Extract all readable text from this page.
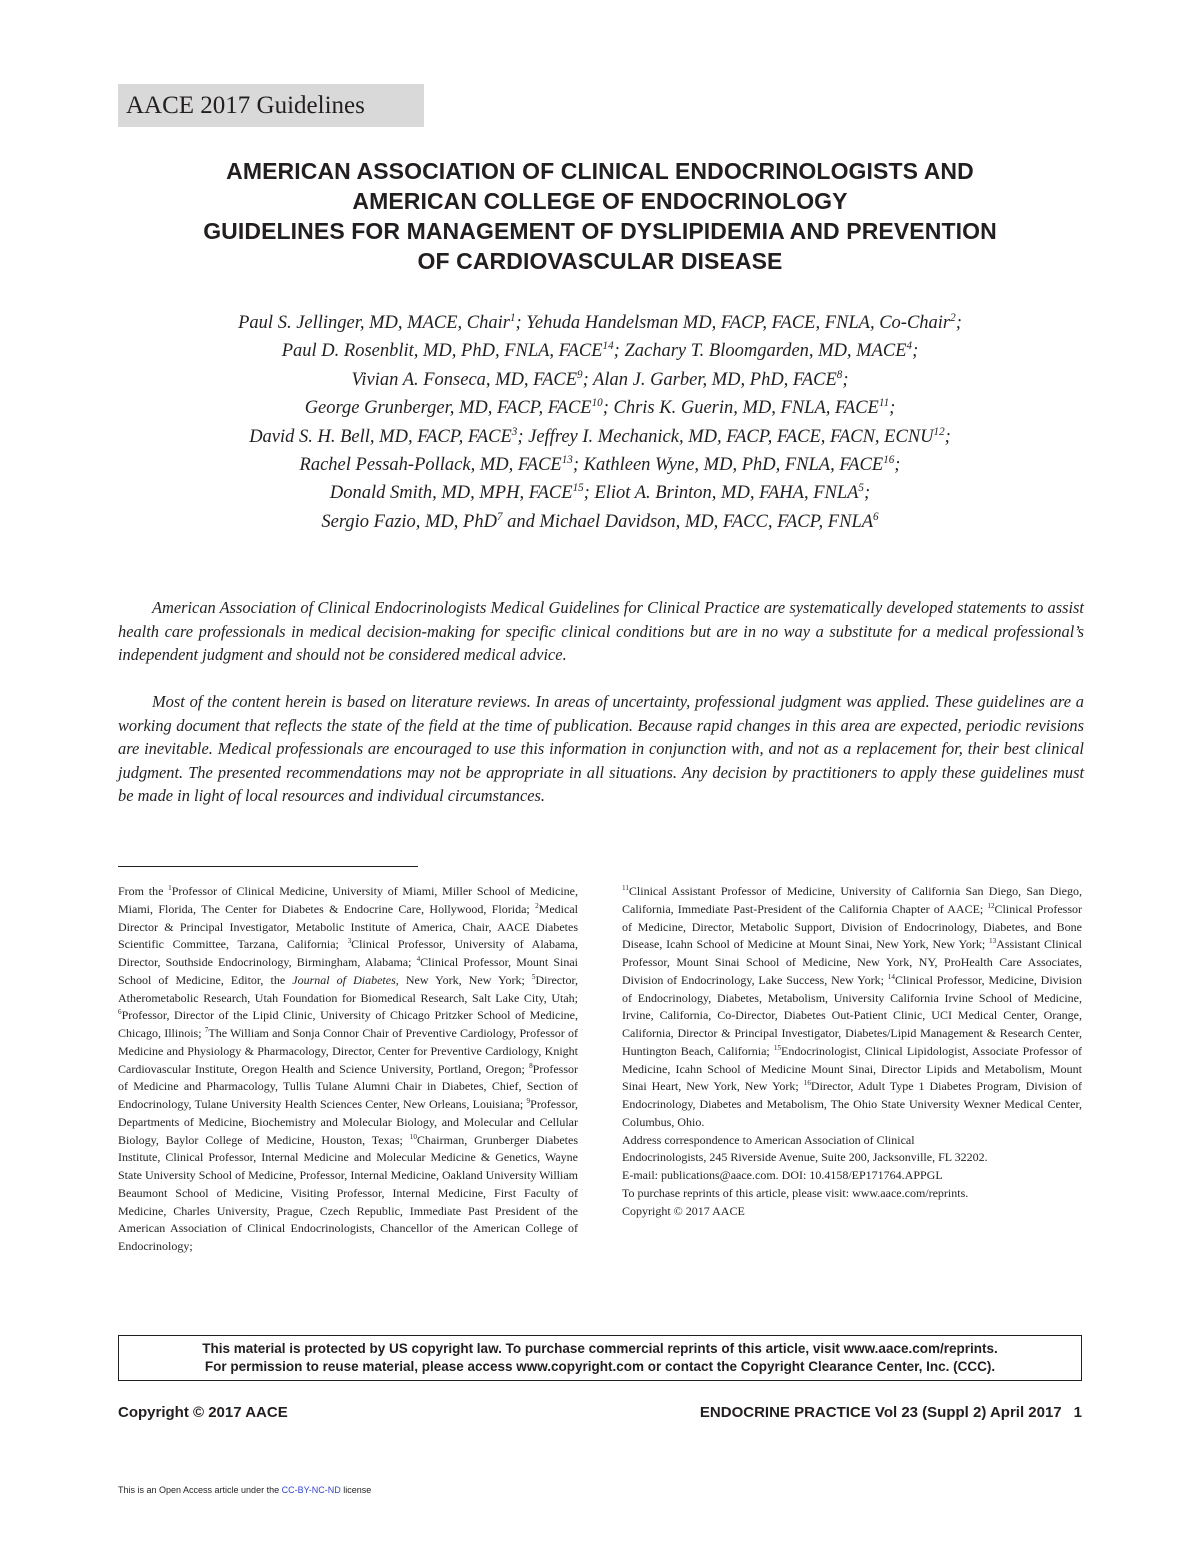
AACE 2017 Guidelines
AMERICAN ASSOCIATION OF CLINICAL ENDOCRINOLOGISTS AND
AMERICAN COLLEGE OF ENDOCRINOLOGY
GUIDELINES FOR MANAGEMENT OF DYSLIPIDEMIA AND PREVENTION
OF CARDIOVASCULAR DISEASE
Paul S. Jellinger, MD, MACE, Chair$^1$; Yehuda Handelsman MD, FACP, FACE, FNLA, Co-Chair$^2$;
Paul D. Rosenblit, MD, PhD, FNLA, FACE$^{14}$; Zachary T. Bloomgarden, MD, MACE$^4$;
Vivian A. Fonseca, MD, FACE$^9$; Alan J. Garber, MD, PhD, FACE$^8$;
George Grunberger, MD, FACP, FACE$^{10}$; Chris K. Guerin, MD, FNLA, FACE$^{11}$;
David S. H. Bell, MD, FACP, FACE$^3$; Jeffrey I. Mechanick, MD, FACP, FACE, FACN, ECNU$^{12}$;
Rachel Pessah-Pollack, MD, FACE$^{13}$; Kathleen Wyne, MD, PhD, FNLA, FACE$^{16}$;
Donald Smith, MD, MPH, FACE$^{15}$; Eliot A. Brinton, MD, FAHA, FNLA$^5$;
Sergio Fazio, MD, PhD$^7$ and Michael Davidson, MD, FACC, FACP, FNLA$^6$
American Association of Clinical Endocrinologists Medical Guidelines for Clinical Practice are systematically developed statements to assist health care professionals in medical decision-making for specific clinical conditions but are in no way a substitute for a medical professional’s independent judgment and should not be considered medical advice.
Most of the content herein is based on literature reviews. In areas of uncertainty, professional judgment was applied. These guidelines are a working document that reflects the state of the field at the time of publication. Because rapid changes in this area are expected, periodic revisions are inevitable. Medical professionals are encouraged to use this information in conjunction with, and not as a replacement for, their best clinical judgment. The presented recommendations may not be appropriate in all situations. Any decision by practitioners to apply these guidelines must be made in light of local resources and individual circumstances.
From the $^1$Professor of Clinical Medicine, University of Miami, Miller School of Medicine, Miami, Florida, The Center for Diabetes & Endocrine Care, Hollywood, Florida; $^2$Medical Director & Principal Investigator, Metabolic Institute of America, Chair, AACE Diabetes Scientific Committee, Tarzana, California; $^3$Clinical Professor, University of Alabama, Director, Southside Endocrinology, Birmingham, Alabama; $^4$Clinical Professor, Mount Sinai School of Medicine, Editor, the Journal of Diabetes, New York, New York; $^5$Director, Atherometabolic Research, Utah Foundation for Biomedical Research, Salt Lake City, Utah; $^6$Professor, Director of the Lipid Clinic, University of Chicago Pritzker School of Medicine, Chicago, Illinois; $^7$The William and Sonja Connor Chair of Preventive Cardiology, Professor of Medicine and Physiology & Pharmacology, Director, Center for Preventive Cardiology, Knight Cardiovascular Institute, Oregon Health and Science University, Portland, Oregon; $^8$Professor of Medicine and Pharmacology, Tullis Tulane Alumni Chair in Diabetes, Chief, Section of Endocrinology, Tulane University Health Sciences Center, New Orleans, Louisiana; $^9$Professor, Departments of Medicine, Biochemistry and Molecular Biology, and Molecular and Cellular Biology, Baylor College of Medicine, Houston, Texas; $^{10}$Chairman, Grunberger Diabetes Institute, Clinical Professor, Internal Medicine and Molecular Medicine & Genetics, Wayne State University School of Medicine, Professor, Internal Medicine, Oakland University William Beaumont School of Medicine, Visiting Professor, Internal Medicine, First Faculty of Medicine, Charles University, Prague, Czech Republic, Immediate Past President of the American Association of Clinical Endocrinologists, Chancellor of the American College of Endocrinology;
$^{11}$Clinical Assistant Professor of Medicine, University of California San Diego, San Diego, California, Immediate Past-President of the California Chapter of AACE; $^{12}$Clinical Professor of Medicine, Director, Metabolic Support, Division of Endocrinology, Diabetes, and Bone Disease, Icahn School of Medicine at Mount Sinai, New York, New York; $^{13}$Assistant Clinical Professor, Mount Sinai School of Medicine, New York, NY, ProHealth Care Associates, Division of Endocrinology, Lake Success, New York; $^{14}$Clinical Professor, Medicine, Division of Endocrinology, Diabetes, Metabolism, University California Irvine School of Medicine, Irvine, California, Co-Director, Diabetes Out-Patient Clinic, UCI Medical Center, Orange, California, Director & Principal Investigator, Diabetes/Lipid Management & Research Center, Huntington Beach, California; $^{15}$Endocrinologist, Clinical Lipidologist, Associate Professor of Medicine, Icahn School of Medicine Mount Sinai, Director Lipids and Metabolism, Mount Sinai Heart, New York, New York; $^{16}$Director, Adult Type 1 Diabetes Program, Division of Endocrinology, Diabetes and Metabolism, The Ohio State University Wexner Medical Center, Columbus, Ohio.
Address correspondence to American Association of Clinical
Endocrinologists, 245 Riverside Avenue, Suite 200, Jacksonville, FL 32202.
E-mail: publications@aace.com. DOI: 10.4158/EP171764.APPGL
To purchase reprints of this article, please visit: www.aace.com/reprints.
Copyright © 2017 AACE
This material is protected by US copyright law. To purchase commercial reprints of this article, visit www.aace.com/reprints.
For permission to reuse material, please access www.copyright.com or contact the Copyright Clearance Center, Inc. (CCC).
Copyright © 2017 AACE	ENDOCRINE PRACTICE Vol 23 (Suppl 2) April 2017 1
This is an Open Access article under the CC-BY-NC-ND license
